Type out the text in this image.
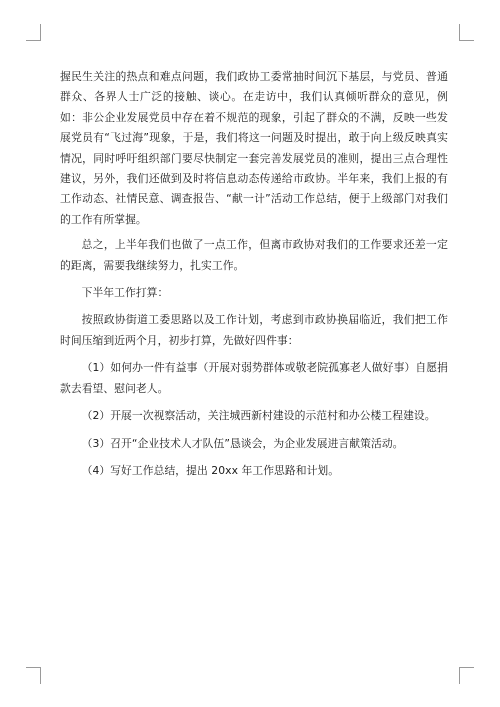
握民生关注的热点和难点问题，我们政协工委常抽时间沉下基层，与党员、普通群众、各界人士广泛的接触、谈心。在走访中，我们认真倾听群众的意见，例如：非公企业发展党员中存在着不规范的现象，引起了群众的不满，反映一些发展党员有“飞过海”现象，于是，我们将这一问题及时提出，敢于向上级反映真实情况，同时呼吁组织部门要尽快制定一套完善发展党员的准则，提出三点合理性建议，另外，我们还做到及时将信息动态传递给市政协。半年来，我们上报的有工作动态、社情民意、调查报告、“献一计”活动工作总结，便于上级部门对我们的工作有所掌握。

总之，上半年我们也做了一点工作，但离市政协对我们的工作要求还差一定的距离，需要我继续努力，扎实工作。

下半年工作打算：

按照政协街道工委思路以及工作计划，考虑到市政协换届临近，我们把工作时间压缩到近两个月，初步打算，先做好四件事：

（1）如何办一件有益事（开展对弱势群体或敬老院孤寡老人做好事）自愿捐款去看望、慰问老人。

（2）开展一次视察活动，关注城西新村建设的示范村和办公楼工程建设。

（3）召开“企业技术人才队伍”恳谈会，为企业发展进言献策活动。

（4）写好工作总结，提出 20xx 年工作思路和计划。
